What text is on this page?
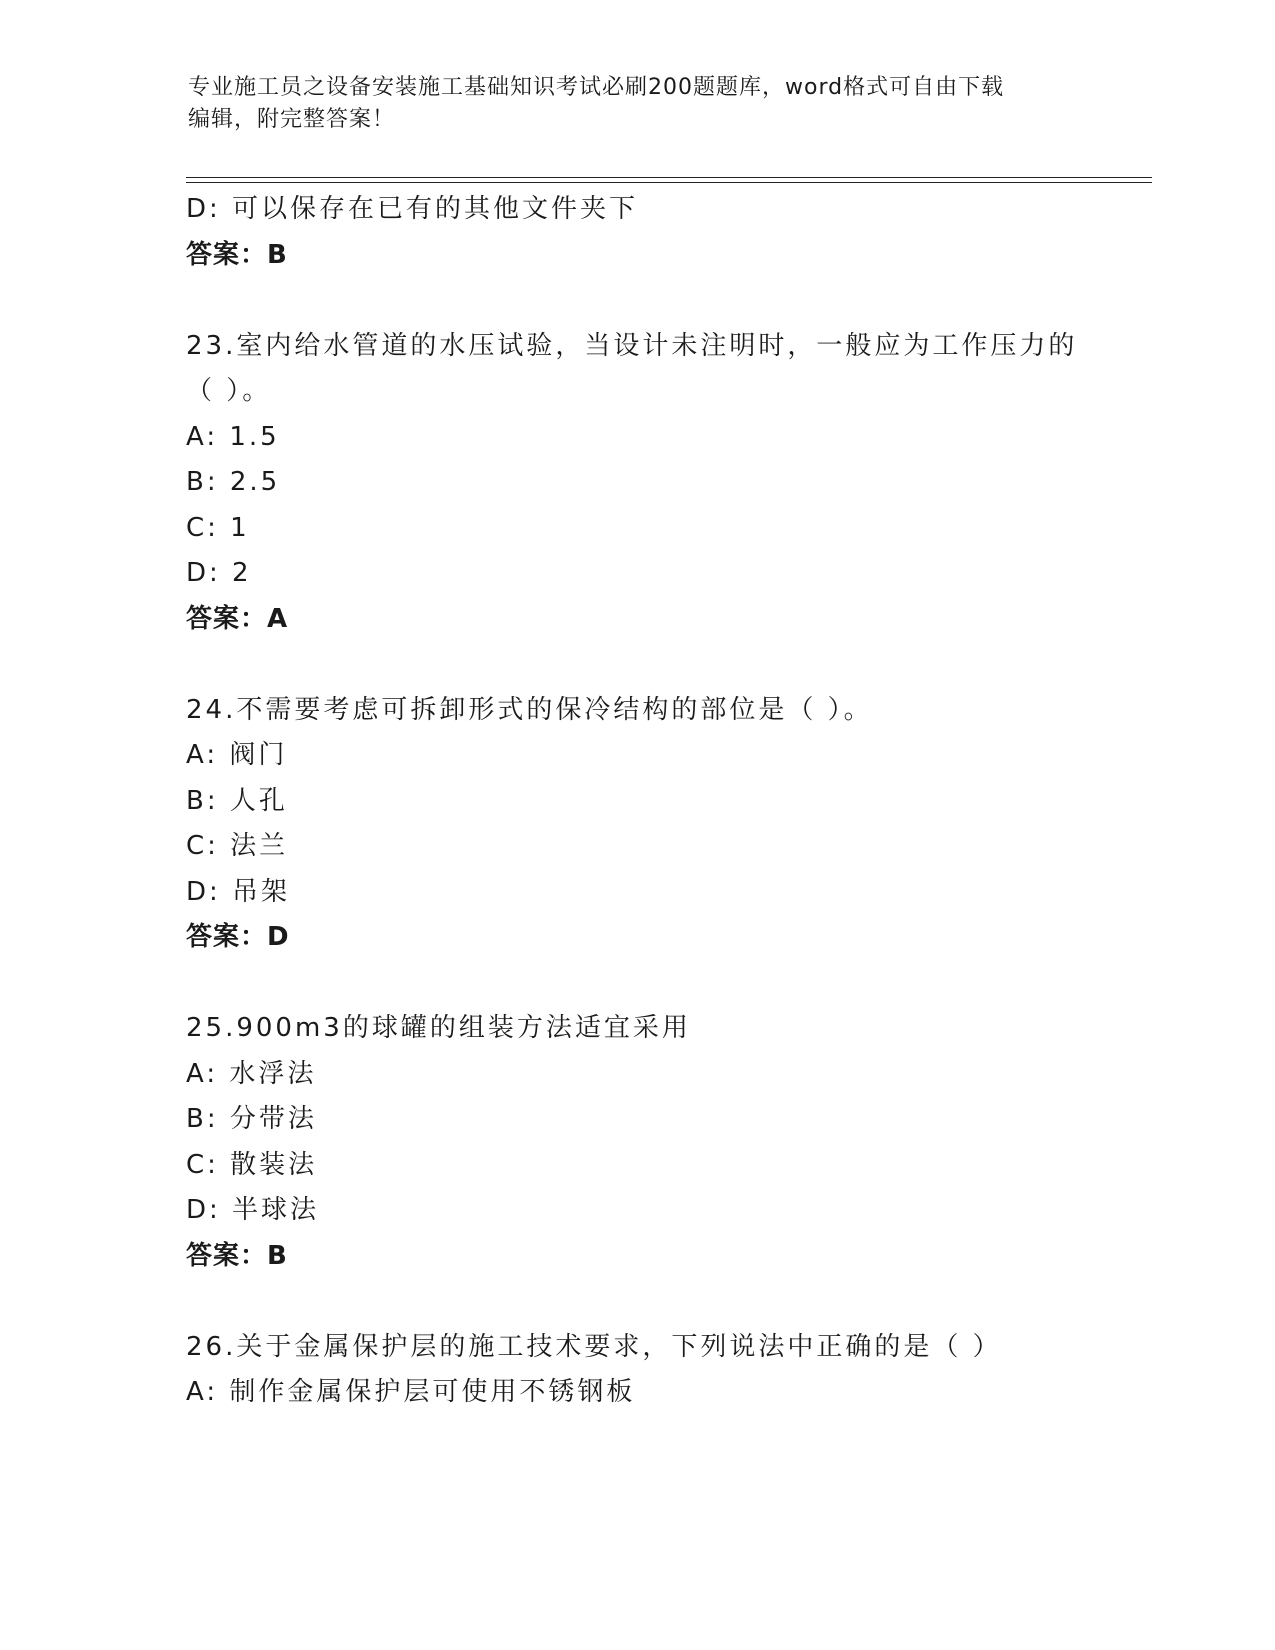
专业施工员之设备安装施工基础知识考试必刷200题题库，word格式可自由下载
编辑，附完整答案！
D: 可以保存在已有的其他文件夹下
答案：B
23.室内给水管道的水压试验，当设计未注明时，一般应为工作压力的
（ ）。
A: 1.5
B: 2.5
C: 1
D: 2
答案：A
24.不需要考虑可拆卸形式的保冷结构的部位是（ ）。
A: 阀门
B: 人孔
C: 法兰
D: 吊架
答案：D
25.900m3的球罐的组装方法适宜采用
A: 水浮法
B: 分带法
C: 散装法
D: 半球法
答案：B
26.关于金属保护层的施工技术要求，下列说法中正确的是（ ）
A: 制作金属保护层可使用不锈钢板
